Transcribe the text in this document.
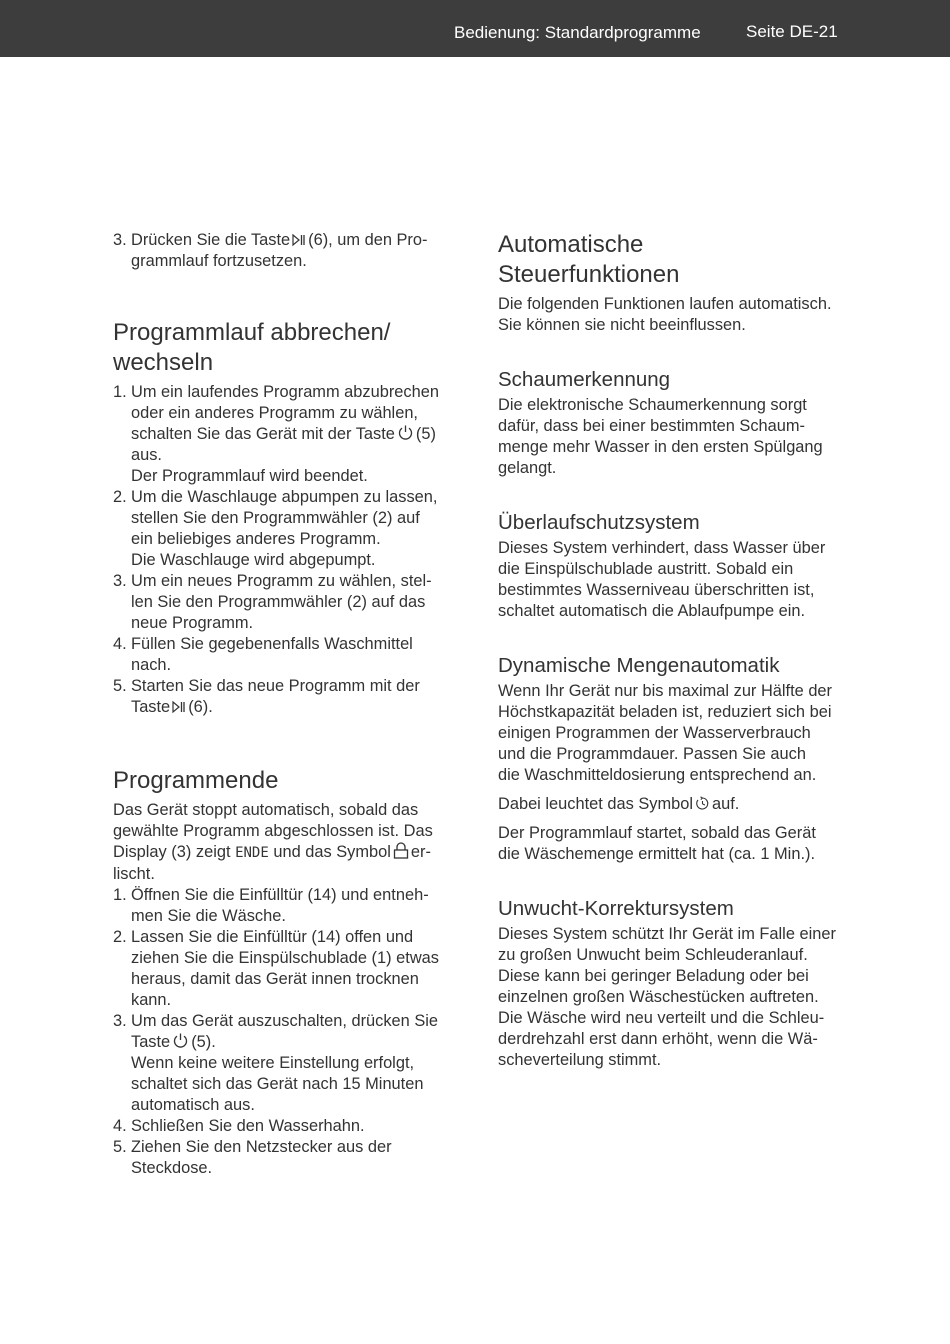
Bedienung: Standardprogramme	Seite DE-21
3. Drücken Sie die Taste (6), um den Pro-
grammlauf fortzusetzen.
Programmlauf abbrechen/
wechseln
1. Um ein laufendes Programm abzubrechen
oder ein anderes Programm zu wählen,
schalten Sie das Gerät mit der Taste (5)
aus.
Der Programmlauf wird beendet.
2. Um die Waschlauge abpumpen zu lassen,
stellen Sie den Programmwähler (2) auf
ein beliebiges anderes Programm.
Die Waschlauge wird abgepumpt.
3. Um ein neues Programm zu wählen, stel-
len Sie den Programmwähler (2) auf das
neue Programm.
4. Füllen Sie gegebenenfalls Waschmittel
nach.
5. Starten Sie das neue Programm mit der
Taste (6).
Programmende

Das Gerät stoppt automatisch, sobald das
gewählte Programm abgeschlossen ist. Das
Display (3) zeigt ENDE und das Symbol er-
lischt.

1. Öffnen Sie die Einfülltür (14) und entneh-
men Sie die Wäsche.
2. Lassen Sie die Einfülltür (14) offen und
ziehen Sie die Einspülschublade (1) etwas
heraus, damit das Gerät innen trocknen
kann.
3. Um das Gerät auszuschalten, drücken Sie
Taste (5).
Wenn keine weitere Einstellung erfolgt,
schaltet sich das Gerät nach 15 Minuten
automatisch aus.
4. Schließen Sie den Wasserhahn.
5. Ziehen Sie den Netzstecker aus der
Steckdose.
Automatische
Steuerfunktionen

Die folgenden Funktionen laufen automatisch.
Sie können sie nicht beeinflussen.

Schaumerkennung

Die elektronische Schaumerkennung sorgt
dafür, dass bei einer bestimmten Schaum-
menge mehr Wasser in den ersten Spülgang
gelangt.

Überlaufschutzsystem

Dieses System verhindert, dass Wasser über
die Einspülschublade austritt. Sobald ein
bestimmtes Wasserniveau überschritten ist,
schaltet automatisch die Ablaufpumpe ein.

Dynamische Mengenautomatik

Wenn Ihr Gerät nur bis maximal zur Hälfte der
Höchstkapazität beladen ist, reduziert sich bei
einigen Programmen der Wasserverbrauch
und die Programmdauer. Passen Sie auch
die Waschmitteldosierung entsprechend an.

Dabei leuchtet das Symbol auf.

Der Programmlauf startet, sobald das Gerät
die Wäschemenge ermittelt hat (ca. 1 Min.).

Unwucht-Korrektursystem

Dieses System schützt Ihr Gerät im Falle einer
zu großen Unwucht beim Schleuderanlauf.
Diese kann bei geringer Beladung oder bei
einzelnen großen Wäschestücken auftreten.
Die Wäsche wird neu verteilt und die Schleu-
derdrehzahl erst dann erhöht, wenn die Wä-
scheverteilung stimmt.
